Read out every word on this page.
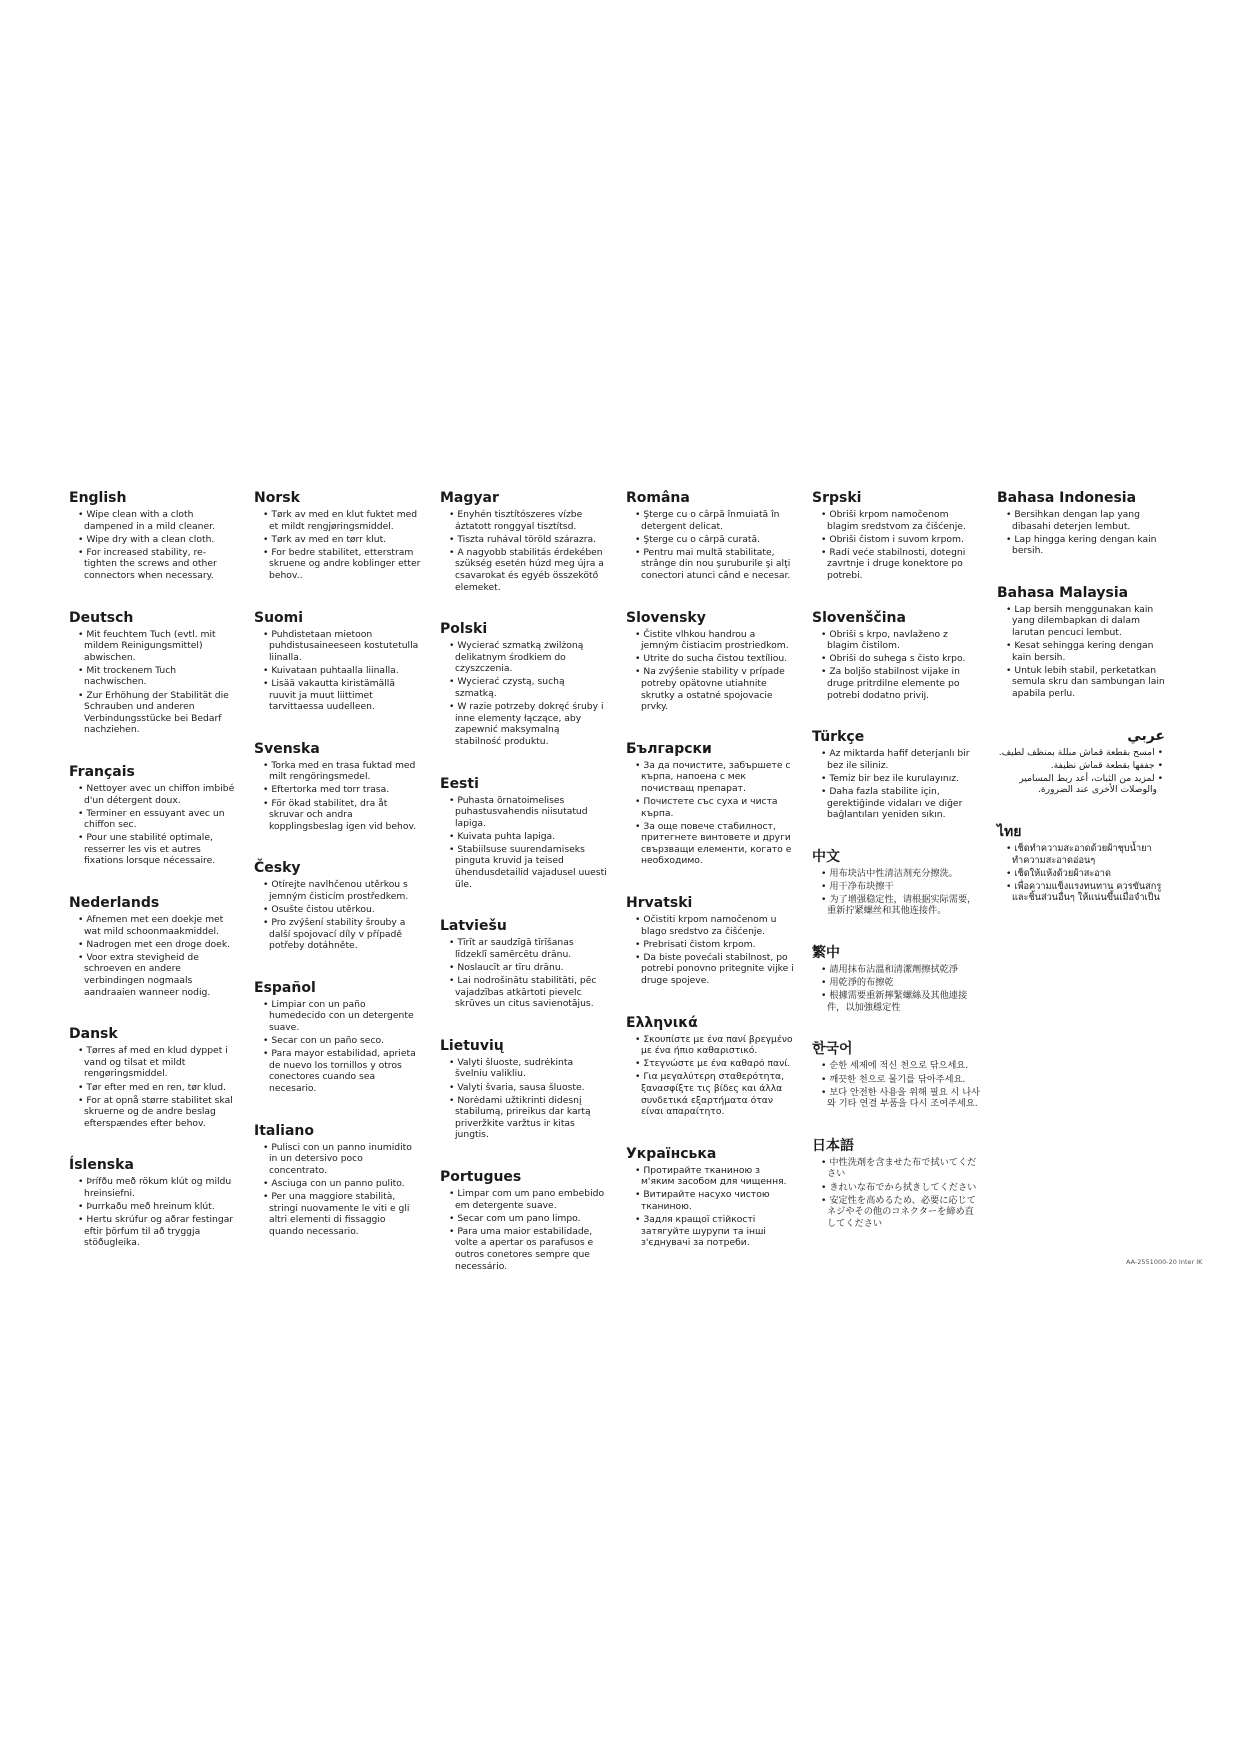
English
• Wipe clean with a cloth dampened in a mild cleaner.
• Wipe dry with a clean cloth.
• For increased stability, re-tighten the screws and other connectors when necessary.
Deutsch
• Mit feuchtem Tuch (evtl. mit mildem Reinigungsmittel) abwischen.
• Mit trockenem Tuch nachwischen.
• Zur Erhöhung der Stabilität die Schrauben und anderen Verbindungsstücke bei Bedarf nachziehen.
Français
• Nettoyer avec un chiffon imbibé d'un détergent doux.
• Terminer en essuyant avec un chiffon sec.
• Pour une stabilité optimale, resserrer les vis et autres fixations lorsque nécessaire.
Nederlands
• Afnemen met een doekje met wat mild schoonmaakmiddel.
• Nadrogen met een droge doek.
• Voor extra stevigheid de schroeven en andere verbindingen nogmaals aandraaien wanneer nodig.
Dansk
• Tørres af med en klud dyppet i vand og tilsat et mildt rengøringsmiddel.
• Tør efter med en ren, tør klud.
• For at opnå større stabilitet skal skruerne og de andre beslag efterspændes efter behov.
Íslenska
• Þrífðu með rökum klút og mildu hreinsiefni.
• Þurrkaðu með hreinum klút.
• Hertu skrúfur og aðrar festingar eftir þörfum til að tryggja stöðugleika.
Norsk
• Tørk av med en klut fuktet med et mildt rengjøringsmiddel.
• Tørk av med en tørr klut.
• For bedre stabilitet, etterstram skruene og andre koblinger etter behov..
Suomi
• Puhdistetaan mietoon puhdistusaineeseen kostutetulla liinalla.
• Kuivataan puhtaalla liinalla.
• Lisää vakautta kiristämällä ruuvit ja muut liittimet tarvittaessa uudelleen.
Svenska
• Torka med en trasa fuktad med milt rengöringsmedel.
• Eftertorka med torr trasa.
• För ökad stabilitet, dra åt skruvar och andra kopplingsbeslag igen vid behov.
Česky
• Otírejte navlhčenou utěrkou s jemným čisticím prostředkem.
• Osušte čistou utěrkou.
• Pro zvýšení stability šrouby a další spojovací díly v případě potřeby dotáhněte.
Español
• Limpiar con un paño humedecido con un detergente suave.
• Secar con un paño seco.
• Para mayor estabilidad, aprieta de nuevo los tornillos y otros conectores cuando sea necesario.
Italiano
• Pulisci con un panno inumidito in un detersivo poco concentrato.
• Asciuga con un panno pulito.
• Per una maggiore stabilità, stringi nuovamente le viti e gli altri elementi di fissaggio quando necessario.
Magyar
• Enyhén tisztítószeres vízbe áztatott ronggyal tisztítsd.
• Tiszta ruhával töröld szárazra.
• A nagyobb stabilitás érdekében szükség esetén húzd meg újra a csavarokat és egyéb összekötő elemeket.
Polski
• Wycierać szmatką zwilżoną delikatnym środkiem do czyszczenia.
• Wycierać czystą, suchą szmatką.
• W razie potrzeby dokręć śruby i inne elementy łączące, aby zapewnić maksymalną stabilność produktu.
Eesti
• Puhasta õrnatoimelises puhastusvahendis niisutatud lapiga.
• Kuivata puhta lapiga.
• Stabiilsuse suurendamiseks pinguta kruvid ja teised ühendusdetailid vajadusel uuesti üle.
Latviešu
• Tīrīt ar saudzīgā tīrīšanas līdzeklī samērcētu drānu.
• Noslaucīt ar tīru drānu.
• Lai nodrošinātu stabilitāti, pēc vajadzības atkārtoti pievelc skrūves un citus savienotājus.
Lietuvių
• Valyti šluoste, sudrėkinta švelniu valikliu.
• Valyti švaria, sausa šluoste.
• Norėdami užtikrinti didesnį stabilumą, prireikus dar kartą priveržkite varžtus ir kitas jungtis.
Portugues
• Limpar com um pano embebido em detergente suave.
• Secar com um pano limpo.
• Para uma maior estabilidade, volte a apertar os parafusos e outros conetores sempre que necessário.
Româna
• Şterge cu o cârpă înmuiată în detergent delicat.
• Şterge cu o cârpă curată.
• Pentru mai multă stabilitate, strânge din nou şuruburile şi alţi conectori atunci când e necesar.
Slovensky
• Čistite vlhkou handrou a jemným čistiacim prostriedkom.
• Utrite do sucha čistou textíliou.
• Na zvýšenie stability v prípade potreby opätovne utiahnite skrutky a ostatné spojovacie prvky.
Български
• За да почистите, забършете с кърпа, напоена с мек почистващ препарат.
• Почистете със суха и чиста кърпа.
• За още повече стабилност, притегнете винтовете и други свързващи елементи, когато е необходимо.
Hrvatski
• Očistiti krpom namočenom u blago sredstvo za čišćenje.
• Prebrisati čistom krpom.
• Da biste povećali stabilnost, po potrebi ponovno pritegnite vijke i druge spojeve.
Ελληνικά
• Σκουπίστε με ένα πανί βρεγμένο με ένα ήπιο καθαριστικό.
• Στεγνώστε με ένα καθαρό πανί.
• Για μεγαλύτερη σταθερότητα, ξανασφίξτε τις βίδες και άλλα συνδετικά εξαρτήματα όταν είναι απαραίτητο.
Українська
• Протирайте тканиною з м'яким засобом для чищення.
• Витирайте насухо чистою тканиною.
• Задля кращої стійкості затягуйте шурупи та інші з'єднувачі за потреби.
Srpski
• Obriši krpom namočenom blagim sredstvom za čišćenje.
• Obriši čistom i suvom krpom.
• Radi veće stabilnosti, dotegni zavrtnje i druge konektore po potrebi.
Slovenščina
• Obriši s krpo, navlaženo z blagim čistilom.
• Obriši do suhega s čisto krpo.
• Za boljšo stabilnost vijake in druge pritrdilne elemente po potrebi dodatno priviј.
Türkçe
• Az miktarda hafif deterjanlı bir bez ile siliniz.
• Temiz bir bez ile kurulayınız.
• Daha fazla stabilite için, gerektiğinde vidaları ve diğer bağlantıları yeniden sıkın.
中文
• 用布块沾中性清洁剂充分擦洗。
• 用干净布块擦干
• 为了增强稳定性，请根据实际需要，重新拧紧螺丝和其他连接件。
繁中
• 請用抹布沾溫和清潔劑擦拭乾淨
• 用乾淨的布擦乾
• 根據需要重新擰緊螺絲及其他連接件，以加強穩定性
한국어
• 순한 세제에 적신 천으로 닦으세요.
• 깨끗한 천으로 물기를 닦아주세요.
• 보다 안전한 사용을 위해 필요 시 나사와 기타 연결 부품을 다시 조여주세요.
日本語
• 中性洗剤を含ませた布で拭いてください
• きれいな布でから拭きしてください
• 安定性を高めるため、必要に応じてネジやその他のコネクターを締め直してください
Bahasa Indonesia
• Bersihkan dengan lap yang dibasahi deterjen lembut.
• Lap hingga kering dengan kain bersih.
Bahasa Malaysia
• Lap bersih menggunakan kain yang dilembapkan di dalam larutan pencuci lembut.
• Kesat sehingga kering dengan kain bersih.
• Untuk lebih stabil, perketatkan semula skru dan sambungan lain apabila perlu.
عربي
• امسح بقطعة قماش مبللة بمنظف لطيف.
• جففها بقطعة قماش نظيفة.
• لمزيد من الثبات، أعد ربط المسامير والوصلات الأخرى عند الضرورة.
ไทย
• เช็ดทำความสะอาดด้วยผ้าชุบน้ำยาทำความสะอาดอ่อนๆ
• เช็ดให้แห้งด้วยผ้าสะอาด
• เพื่อความแข็งแรงทนทาน ควรขันสกรูและชิ้นส่วนอื่นๆ ให้แน่นขึ้นเมื่อจำเป็น
AA-2551000-20 Inter IK
